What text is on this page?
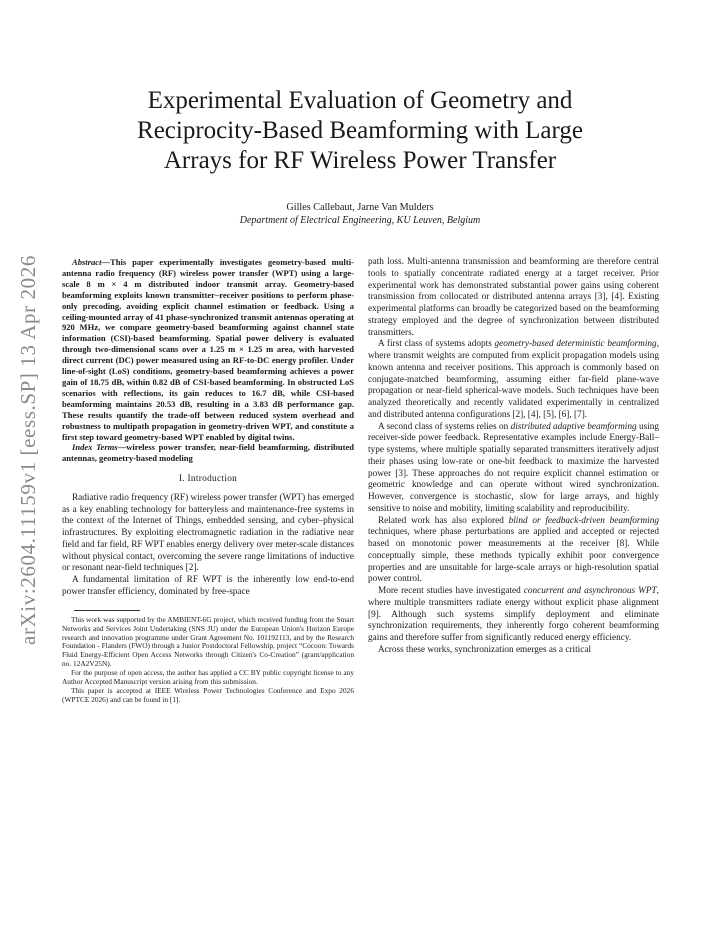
arXiv:2604.11159v1 [eess.SP] 13 Apr 2026
Experimental Evaluation of Geometry and
Reciprocity-Based Beamforming with Large
Arrays for RF Wireless Power Transfer
Gilles Callebaut, Jarne Van Mulders
Department of Electrical Engineering, KU Leuven, Belgium

Abstract—This paper experimentally investigates geometry-based multi-antenna radio frequency (RF) wireless power transfer (WPT) using a large-scale 8 m × 4 m distributed indoor transmit array. Geometry-based beamforming exploits known transmitter–receiver positions to perform phase-only precoding, avoiding explicit channel estimation or feedback. Using a ceiling-mounted array of 41 phase-synchronized transmit antennas operating at 920 MHz, we compare geometry-based beamforming against channel state information (CSI)-based beamforming. Spatial power delivery is evaluated through two-dimensional scans over a 1.25 m × 1.25 m area, with harvested direct current (DC) power measured using an RF-to-DC energy profiler. Under line-of-sight (LoS) conditions, geometry-based beamforming achieves a power gain of 18.75 dB, within 0.82 dB of CSI-based beamforming. In obstructed LoS scenarios with reflections, its gain reduces to 16.7 dB, while CSI-based beamforming maintains 20.53 dB, resulting in a 3.83 dB performance gap. These results quantify the trade-off between reduced system overhead and robustness to multipath propagation in geometry-driven WPT, and constitute a first step toward geometry-based WPT enabled by digital twins.

Index Terms—wireless power transfer, near-field beamforming, distributed antennas, geometry-based modeling

I. Introduction

Radiative radio frequency (RF) wireless power transfer (WPT) has emerged as a key enabling technology for batteryless and maintenance-free systems in the context of the Internet of Things, embedded sensing, and cyber–physical infrastructures. By exploiting electromagnetic radiation in the radiative near field and far field, RF WPT enables energy delivery over meter-scale distances without physical contact, overcoming the severe range limitations of inductive or resonant near-field techniques [2].

A fundamental limitation of RF WPT is the inherently low end-to-end power transfer efficiency, dominated by free-space

This work was supported by the AMBIENT-6G project, which received funding from the Smart Networks and Services Joint Undertaking (SNS JU) under the European Union's Horizon Europe research and innovation programme under Grant Agreement No. 101192113, and by the Research Foundation - Flanders (FWO) through a Junior Postdoctoral Fellowship, project “Cocoon: Towards Fluid Energy-Efficient Open Access Networks through Citizen's Co-Creation” (grant/application no. 12A2V25N).

For the purpose of open access, the author has applied a CC BY public copyright license to any Author Accepted Manuscript version arising from this submission.

This paper is accepted at IEEE Wireless Power Technologies Conference and Expo 2026 (WPTCE 2026) and can be found in [1].

path loss. Multi-antenna transmission and beamforming are therefore central tools to spatially concentrate radiated energy at a target receiver. Prior experimental work has demonstrated substantial power gains using coherent transmission from collocated or distributed antenna arrays [3], [4]. Existing experimental platforms can broadly be categorized based on the beamforming strategy employed and the degree of synchronization between distributed transmitters.

A first class of systems adopts geometry-based deterministic beamforming, where transmit weights are computed from explicit propagation models using known antenna and receiver positions. This approach is commonly based on conjugate-matched beamforming, assuming either far-field plane-wave propagation or near-field spherical-wave models. Such techniques have been analyzed theoretically and recently validated experimentally in centralized and distributed antenna configurations [2], [4], [5], [6], [7].

A second class of systems relies on distributed adaptive beamforming using receiver-side power feedback. Representative examples include Energy-Ball–type systems, where multiple spatially separated transmitters iteratively adjust their phases using low-rate or one-bit feedback to maximize the harvested power [3]. These approaches do not require explicit channel estimation or geometric knowledge and can operate without wired synchronization. However, convergence is stochastic, slow for large arrays, and highly sensitive to noise and mobility, limiting scalability and reproducibility.

Related work has also explored blind or feedback-driven beamforming techniques, where phase perturbations are applied and accepted or rejected based on monotonic power measurements at the receiver [8]. While conceptually simple, these methods typically exhibit poor convergence properties and are unsuitable for large-scale arrays or high-resolution spatial power control.

More recent studies have investigated concurrent and asynchronous WPT, where multiple transmitters radiate energy without explicit phase alignment [9]. Although such systems simplify deployment and eliminate synchronization requirements, they inherently forgo coherent beamforming gains and therefore suffer from significantly reduced energy efficiency.

Across these works, synchronization emerges as a critical
